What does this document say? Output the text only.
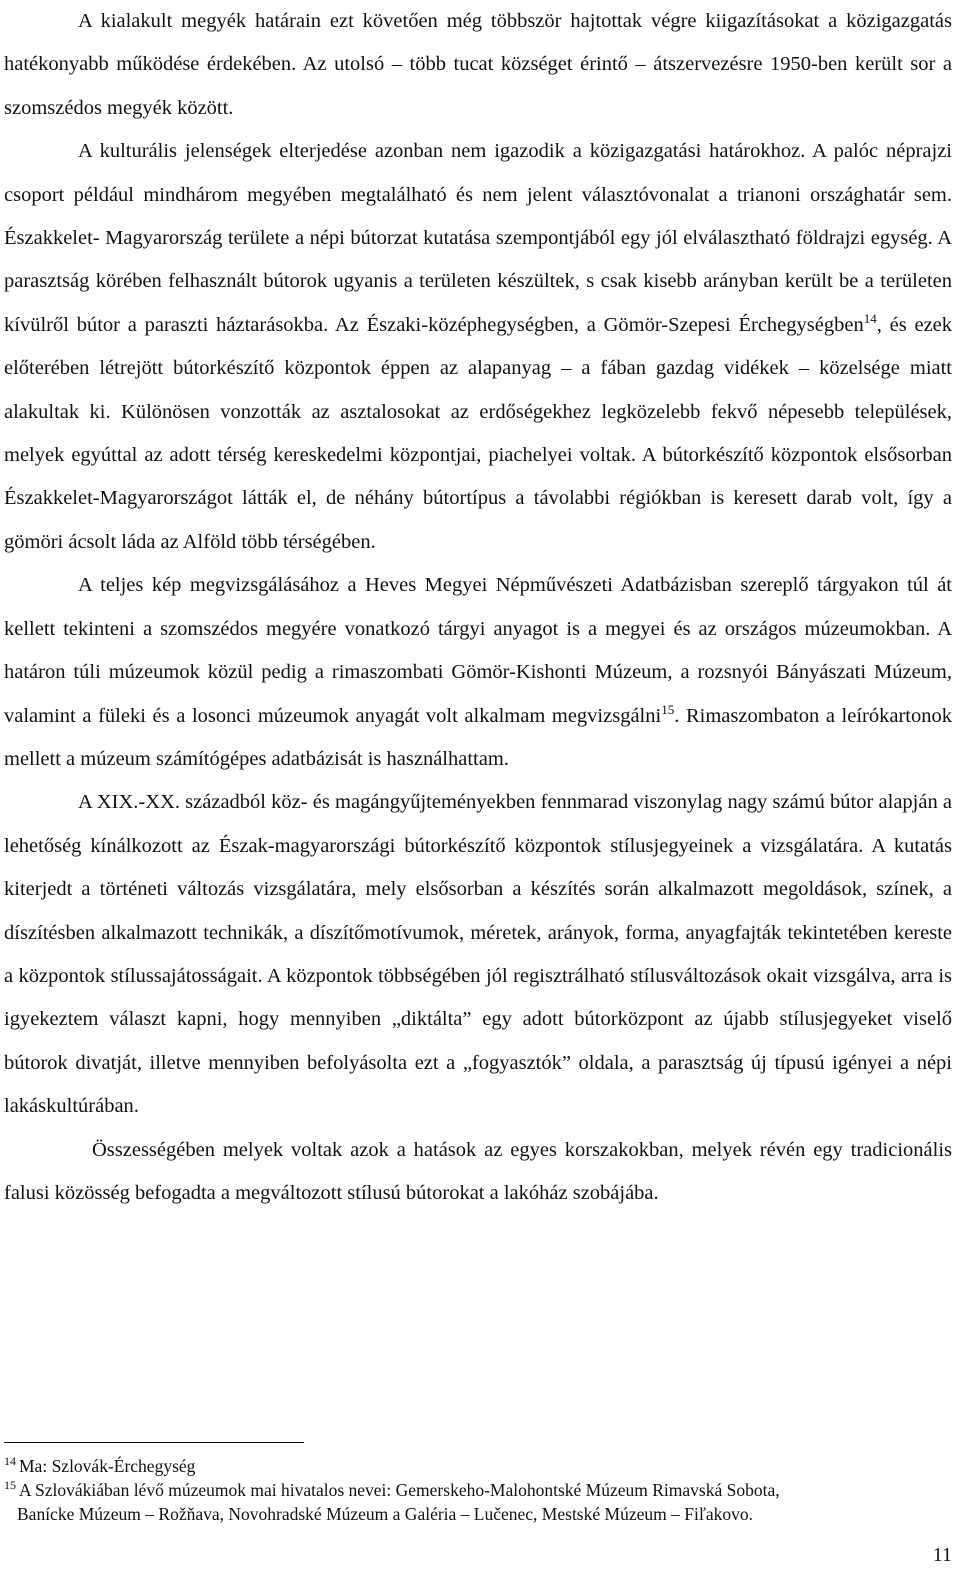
A kialakult megyék határain ezt követően még többször hajtottak végre kiigazításokat a közigazgatás hatékonyabb működése érdekében. Az utolsó – több tucat községet érintő – átszervezésre 1950-ben került sor a szomszédos megyék között.

A kulturális jelenségek elterjedése azonban nem igazodik a közigazgatási határokhoz. A palóc néprajzi csoport például mindhárom megyében megtalálható és nem jelent választóvonalat a trianoni országhatár sem. Északkelet- Magyarország területe a népi bútorzat kutatása szempontjából egy jól elválasztható földrajzi egység. A parasztság körében felhasznált bútorok ugyanis a területen készültek, s csak kisebb arányban került be a területen kívülről bútor a paraszti háztarásokba. Az Északi-középhegységben, a Gömör-Szepesi Érchegységben$^{14}$, és ezek előterében létrejött bútorkészítő központok éppen az alapanyag – a fában gazdag vidékek – közelsége miatt alakultak ki. Különösen vonzották az asztalosokat az erdőségekhez legközelebb fekvő népesebb települések, melyek egyúttal az adott térség kereskedelmi központjai, piachelyei voltak. A bútorkészítő központok elsősorban Északkelet-Magyarországot látták el, de néhány bútortípus a távolabbi régiókban is keresett darab volt, így a gömöri ácsolt láda az Alföld több térségében.

A teljes kép megvizsgálásához a Heves Megyei Népművészeti Adatbázisban szereplő tárgyakon túl át kellett tekinteni a szomszédos megyére vonatkozó tárgyi anyagot is a megyei és az országos múzeumokban. A határon túli múzeumok közül pedig a rimaszombati Gömör-Kishonti Múzeum, a rozsnyói Bányászati Múzeum, valamint a füleki és a losonci múzeumok anyagát volt alkalmam megvizsgálni$^{15}$. Rimaszombaton a leírókartonok mellett a múzeum számítógépes adatbázisát is használhattam.

A XIX.-XX. századból köz- és magángyűjteményekben fennmarad viszonylag nagy számú bútor alapján a lehetőség kínálkozott az Észak-magyarországi bútorkészítő központok stílusjegyeinek a vizsgálatára. A kutatás kiterjedt a történeti változás vizsgálatára, mely elsősorban a készítés során alkalmazott megoldások, színek, a díszítésben alkalmazott technikák, a díszítőmotívumok, méretek, arányok, forma, anyagfajták tekintetében kereste a központok stílussajátosságait. A központok többségében jól regisztrálható stílusváltozások okait vizsgálva, arra is igyekeztem választ kapni, hogy mennyiben „diktálta” egy adott bútorközpont az újabb stílusjegyeket viselő bútorok divatját, illetve mennyiben befolyásolta ezt a „fogyasztók” oldala, a parasztság új típusú igényei a népi lakáskultúrában.

Összességében melyek voltak azok a hatások az egyes korszakokban, melyek révén egy tradicionális falusi közösség befogadta a megváltozott stílusú bútorokat a lakóház szobájába.

$^{14}$ Ma: Szlovák-Érchegység

$^{15}$ A Szlovákiában lévő múzeumok mai hivatalos nevei: Gemerskeho-Malohontské Múzeum Rimavská Sobota,

Banícke Múzeum – Rožňava, Novohradské Múzeum a Galéria – Lučenec, Mestské Múzeum – Fiľakovo.

11
